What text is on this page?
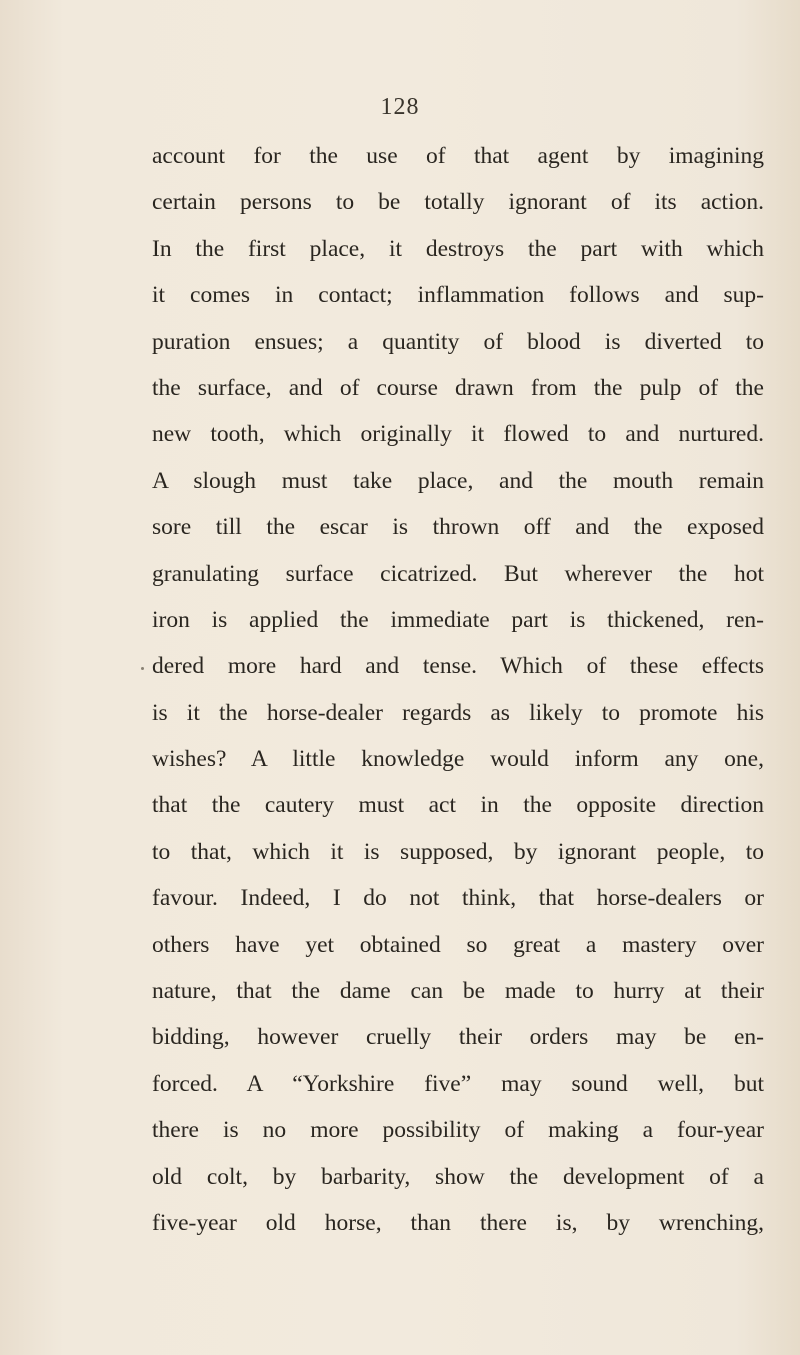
128
account for the use of that agent by imagining
certain persons to be totally ignorant of its action.
In the first place, it destroys the part with which
it comes in contact; inflammation follows and sup-
puration ensues; a quantity of blood is diverted to
the surface, and of course drawn from the pulp of the
new tooth, which originally it flowed to and nurtured.
A slough must take place, and the mouth remain
sore till the escar is thrown off and the exposed
granulating surface cicatrized. But wherever the hot
iron is applied the immediate part is thickened, ren-
dered more hard and tense. Which of these effects
is it the horse-dealer regards as likely to promote his
wishes? A little knowledge would inform any one,
that the cautery must act in the opposite direction
to that, which it is supposed, by ignorant people, to
favour. Indeed, I do not think, that horse-dealers or
others have yet obtained so great a mastery over
nature, that the dame can be made to hurry at their
bidding, however cruelly their orders may be en-
forced. A “Yorkshire five” may sound well, but
there is no more possibility of making a four-year
old colt, by barbarity, show the development of a
five-year old horse, than there is, by wrenching,
